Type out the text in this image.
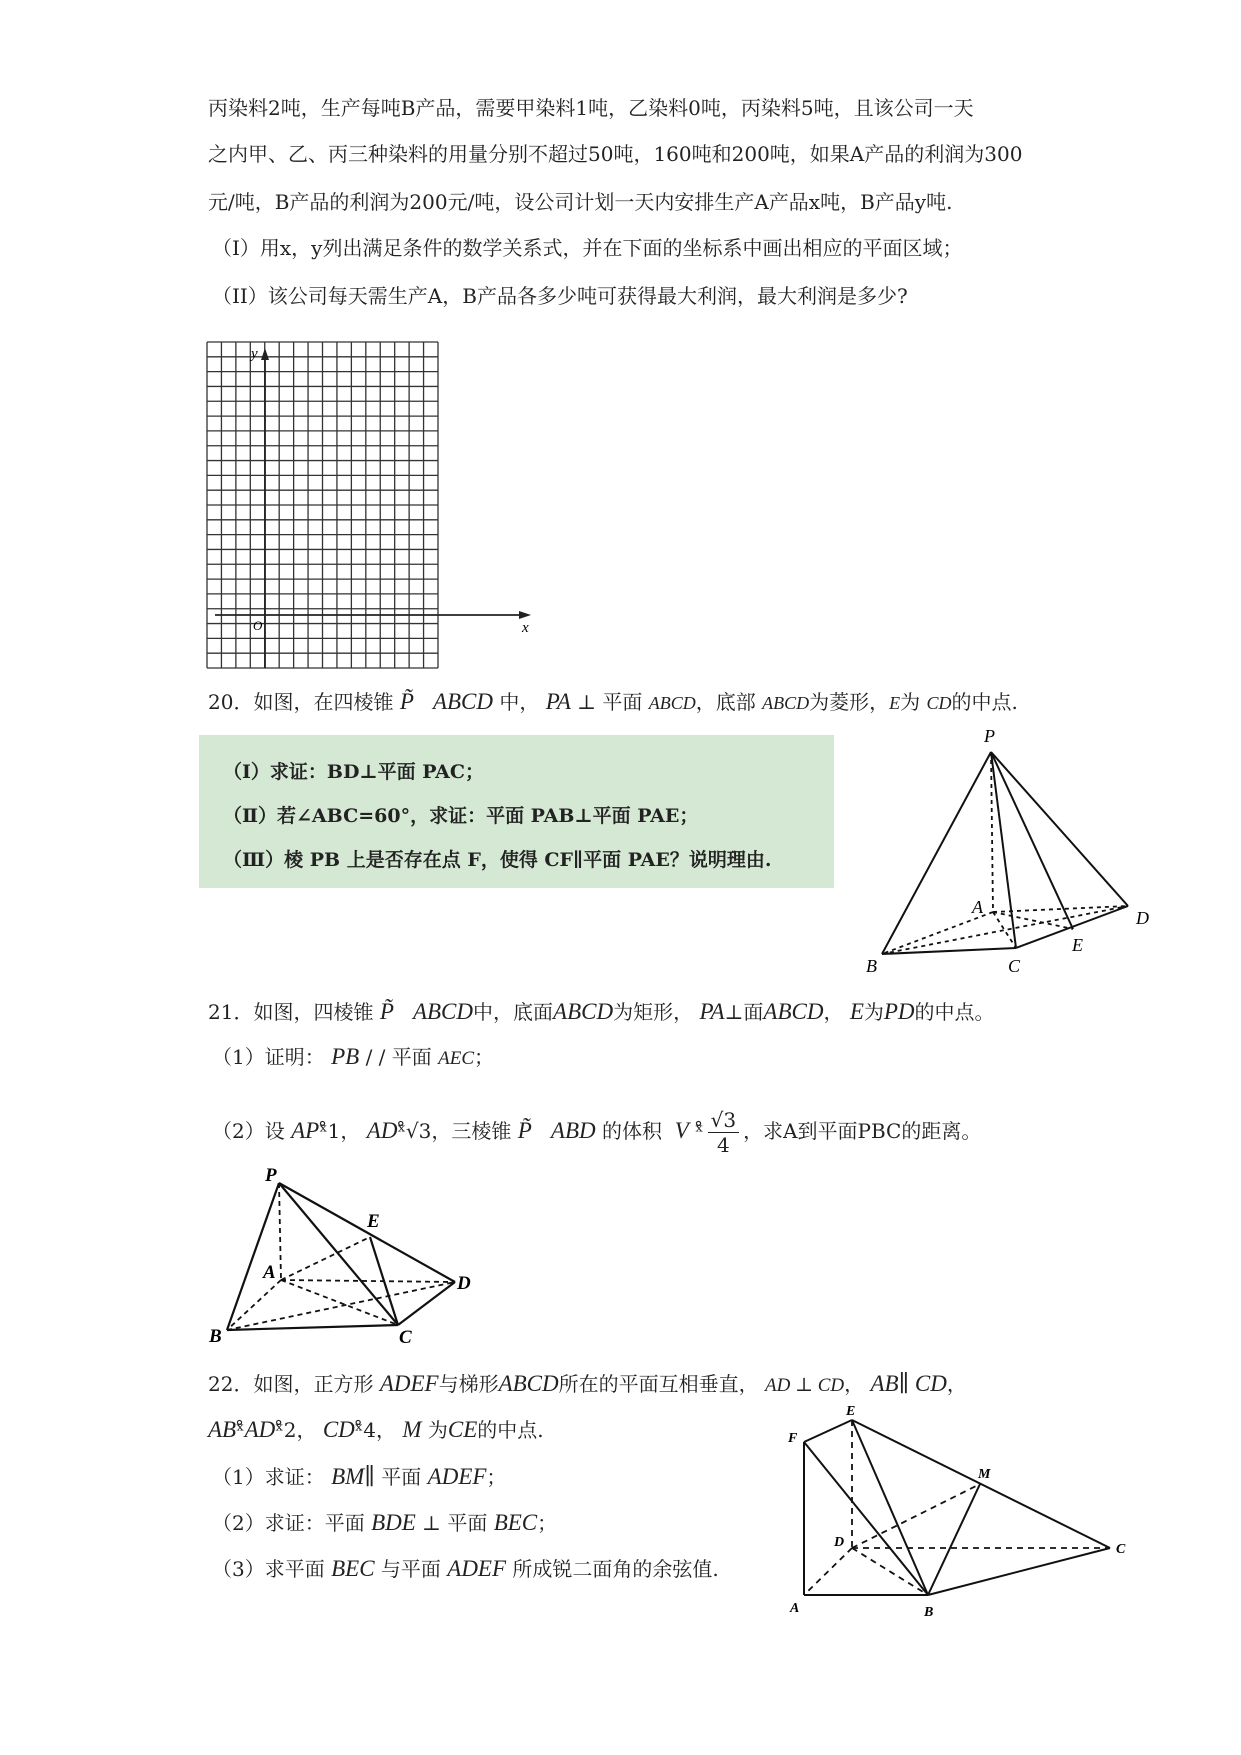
丙染料2吨，生产每吨B产品，需要甲染料1吨，乙染料0吨，丙染料5吨，且该公司一天
之内甲、乙、丙三种染料的用量分别不超过50吨，160吨和200吨，如果A产品的利润为300
元/吨，B产品的利润为200元/吨，设公司计划一天内安排生产A产品x吨，B产品y吨.
（I）用x，y列出满足条件的数学关系式，并在下面的坐标系中画出相应的平面区域；
（II）该公司每天需生产A，B产品各多少吨可获得最大利润，最大利润是多少?
y
x
O
20．如图，在四棱锥 P̃ ABCD 中， PA ⊥ 平面 ABCD，底部 ABCD为菱形，E为 CD的中点.
（Ⅰ）求证：BD⊥平面 PAC；
（Ⅱ）若∠ABC=60°，求证：平面 PAB⊥平面 PAE；
（Ⅲ）棱 PB 上是否存在点 F，使得 CF∥平面 PAE？说明理由.
P
A
B	C
D
E
21．如图，四棱锥 P̃ ABCD中，底面ABCD为矩形， PA⊥面ABCD， E为PD的中点。
（1）证明： PB / / 平面 AEC；
（2）设 APˣ̊1， ADˣ̊√3，三棱锥 P̃ ABD 的体积 V ˣ̊ $\frac{√3}{4}$ ，求A到平面PBC的距离。
P
E
A
D
B	C
22．如图，正方形 ADEF与梯形ABCD所在的平面互相垂直， AD ⊥ CD， AB∥ CD，
ABˣ̊ADˣ̊2， CDˣ̊4， M 为CE的中点.
（1）求证： BM∥ 平面 ADEF；
（2）求证：平面 BDE ⊥ 平面 BEC；
（3）求平面 BEC 与平面 ADEF 所成锐二面角的余弦值.
E
F
M
D	C
A	B
